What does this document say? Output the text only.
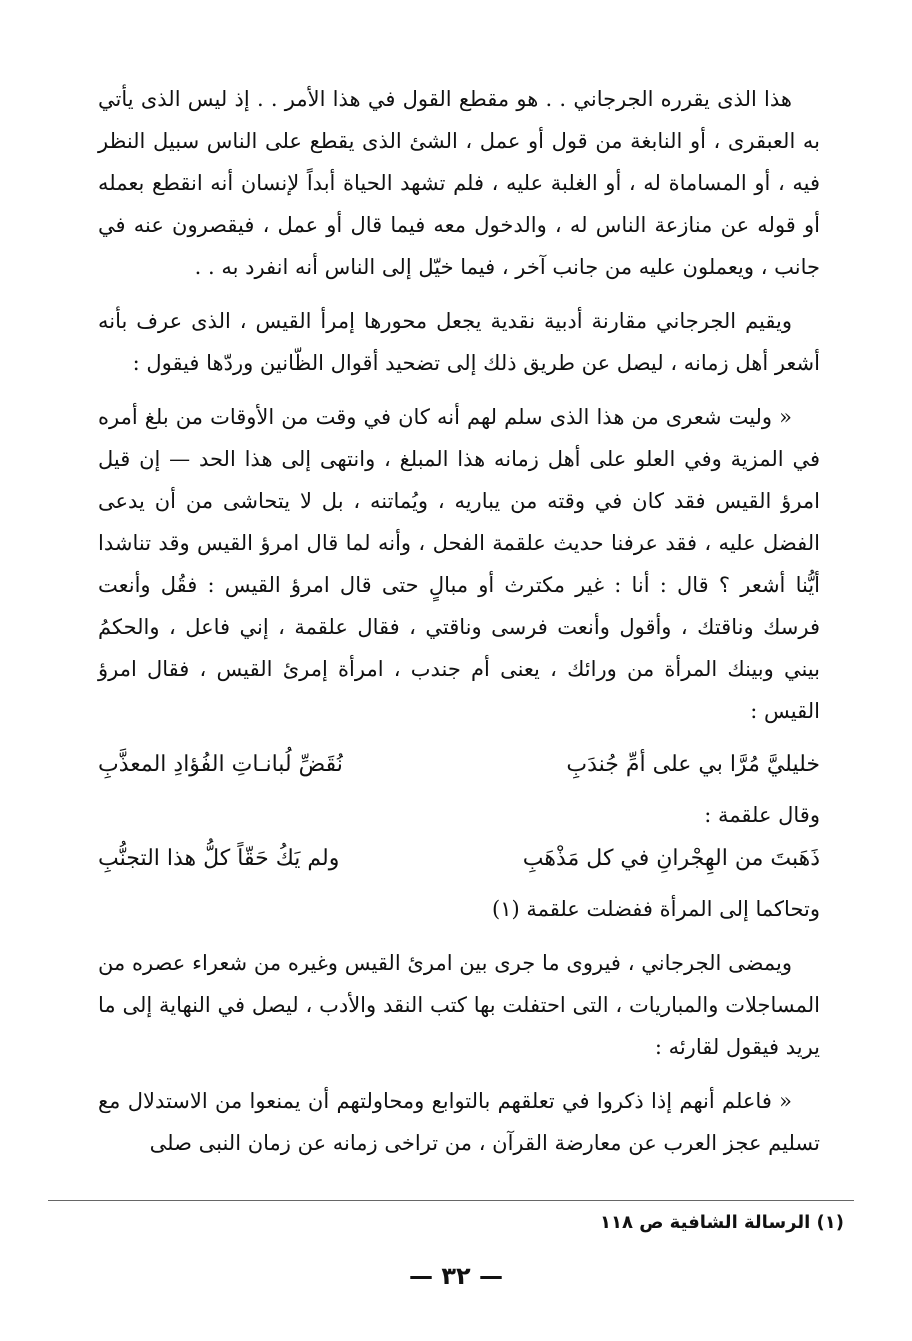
هذا الذى يقرره الجرجاني . . هو مقطع القول في هذا الأمر . . إذ ليس الذى يأتي به العبقرى ، أو النابغة من قول أو عمل ، الشئ الذى يقطع على الناس سبيل النظر فيه ، أو المساماة له ، أو الغلبة عليه ، فلم تشهد الحياة أبداً لإنسان أنه انقطع بعمله أو قوله عن منازعة الناس له ، والدخول معه فيما قال أو عمل ، فيقصرون عنه في جانب ، ويعملون عليه من جانب آخر ، فيما خيّل إلى الناس أنه انفرد به . .

ويقيم الجرجاني مقارنة أدبية نقدية يجعل محورها إمرأ القيس ، الذى عرف بأنه أشعر أهل زمانه ، ليصل عن طريق ذلك إلى تضحيد أقوال الظّانين وردّها فيقول :

« وليت شعرى من هذا الذى سلم لهم أنه كان في وقت من الأوقات من بلغ أمره في المزية وفي العلو على أهل زمانه هذا المبلغ ، وانتهى إلى هذا الحد — إن قيل امرؤ القيس فقد كان في وقته من يباريه ، ويُماتنه ، بل لا يتحاشى من أن يدعى الفضل عليه ، فقد عرفنا حديث علقمة الفحل ، وأنه لما قال امرؤ القيس وقد تناشدا أيُّنا أشعر ؟ قال : أنا : غير مكترث أو مبالٍ حتى قال امرؤ القيس : فقُل وأنعت فرسك وناقتك ، وأقول وأنعت فرسى وناقتي ، فقال علقمة ، إني فاعل ، والحكمُ بيني وبينك المرأة من ورائك ، يعنى أم جندب ، امرأة إمرئ القيس ، فقال امرؤ القيس :

خليليَّ مُرَّا بي على أمِّ جُندَبِ
نُقَضِّ لُبانـاتِ الفُؤادِ المعذَّبِ

وقال علقمة :

ذَهَبتَ من الهِجْرانِ في كل مَذْهَبِ
ولم يَكُ حَقّاً كلُّ هذا التجنُّبِ

وتحاكما إلى المرأة ففضلت علقمة (١)

ويمضى الجرجاني ، فيروى ما جرى بين امرئ القيس وغيره من شعراء عصره من المساجلات والمباريات ، التى احتفلت بها كتب النقد والأدب ، ليصل في النهاية إلى ما يريد فيقول لقارئه :

« فاعلم أنهم إذا ذكروا في تعلقهم بالتوابع ومحاولتهم أن يمنعوا من الاستدلال مع تسليم عجز العرب عن معارضة القرآن ، من تراخى زمانه عن زمان النبى صلى

(١) الرسالة الشافية ص ١١٨
— ٣٢ —
